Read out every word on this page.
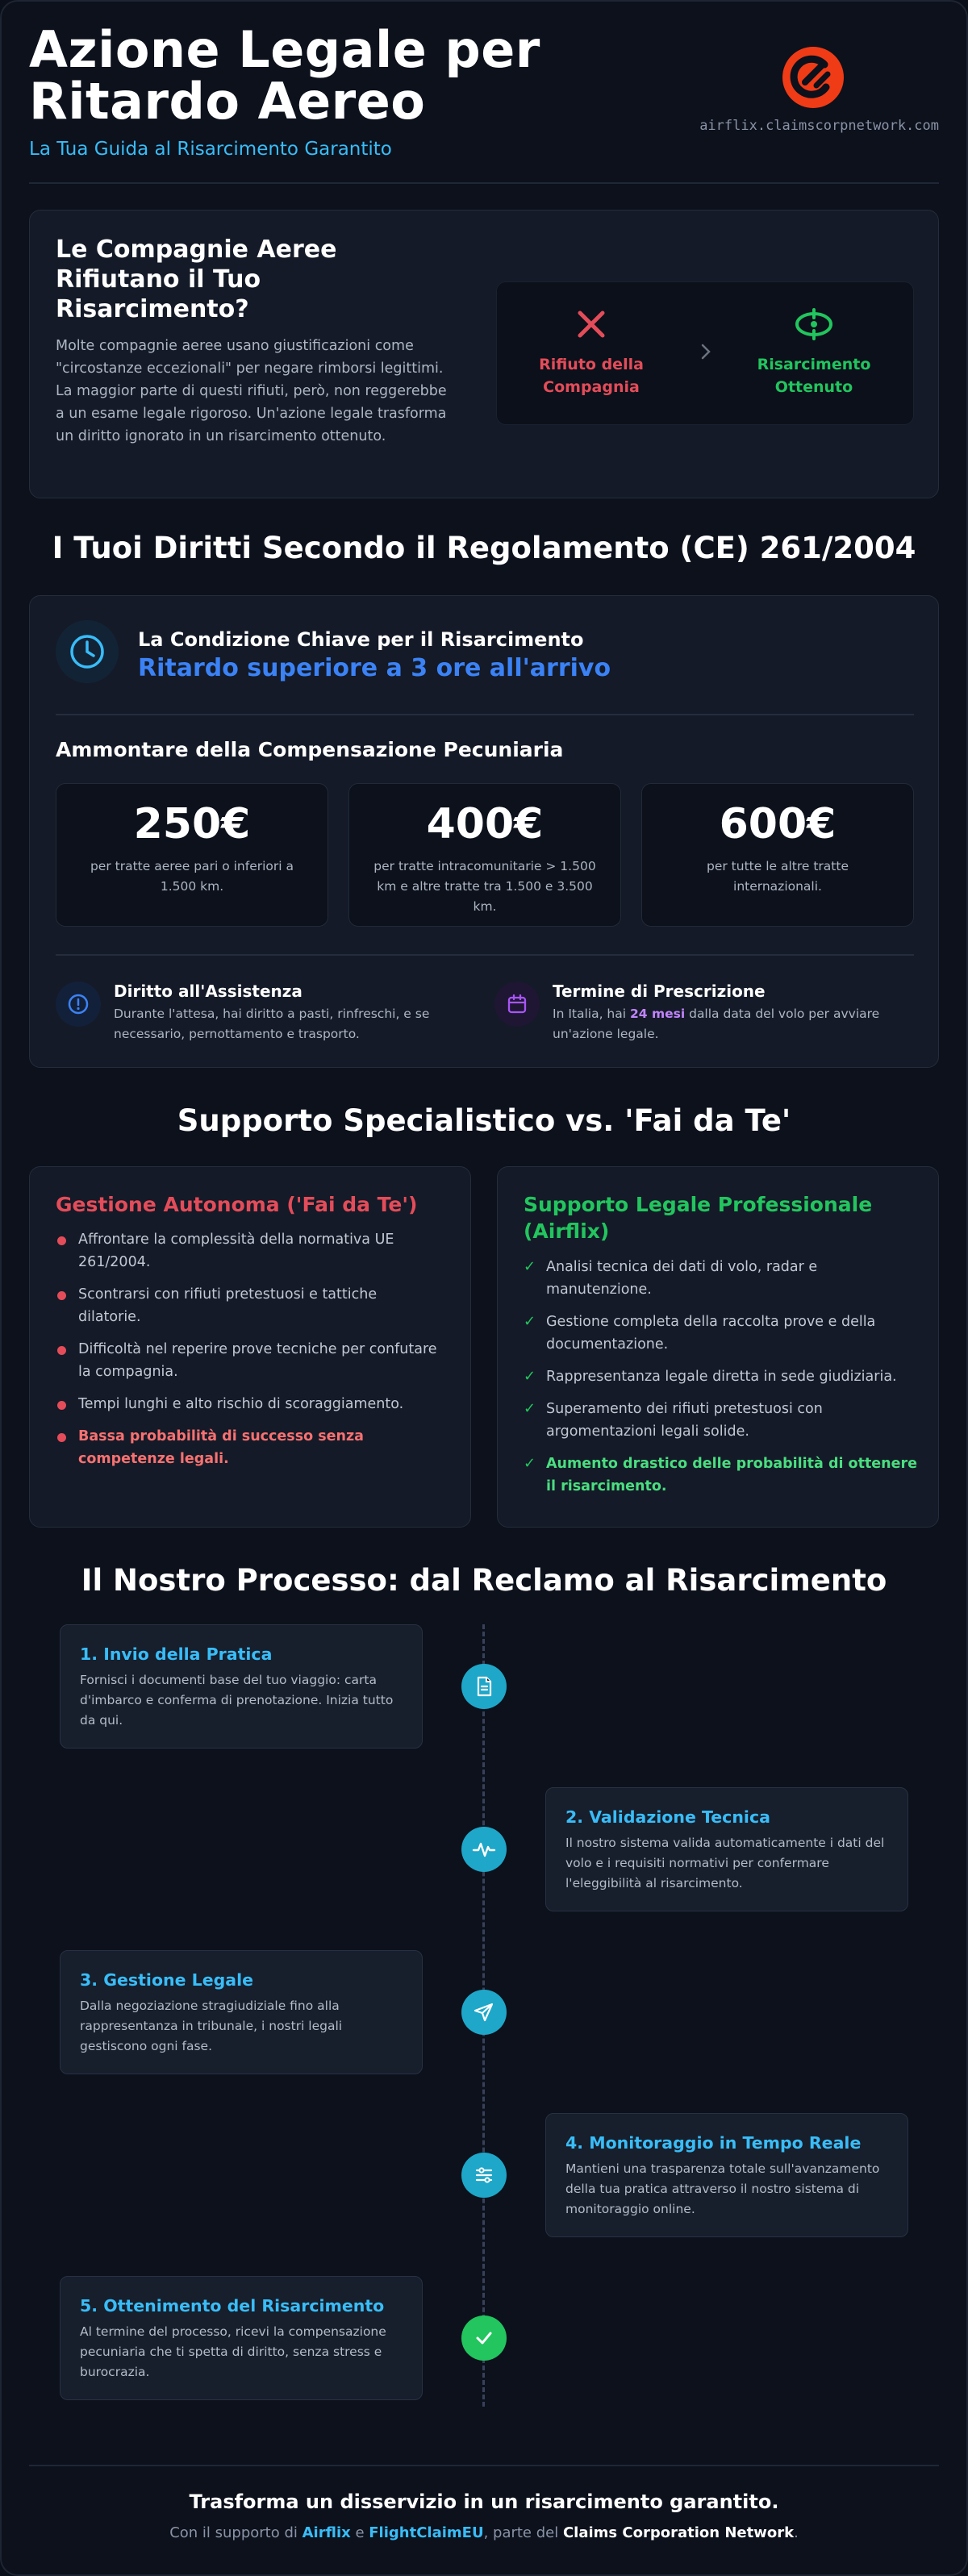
Azione Legale per
Ritardo Aereo
La Tua Guida al Risarcimento Garantito
airflix.claimscorpnetwork.com
Le Compagnie Aeree Rifiutano il Tuo Risarcimento?
Molte compagnie aeree usano giustificazioni come "circostanze eccezionali" per negare rimborsi legittimi. La maggior parte di questi rifiuti, però, non reggerebbe a un esame legale rigoroso. Un'azione legale trasforma un diritto ignorato in un risarcimento ottenuto.
Rifiuto della Compagnia
Risarcimento Ottenuto
I Tuoi Diritti Secondo il Regolamento (CE) 261/2004
La Condizione Chiave per il Risarcimento
Ritardo superiore a 3 ore all'arrivo
Ammontare della Compensazione Pecuniaria
250€
per tratte aeree pari o inferiori a 1.500 km.
400€
per tratte intracomunitarie > 1.500 km e altre tratte tra 1.500 e 3.500 km.
600€
per tutte le altre tratte internazionali.
Diritto all'Assistenza
Durante l'attesa, hai diritto a pasti, rinfreschi, e se necessario, pernottamento e trasporto.
Termine di Prescrizione
In Italia, hai 24 mesi dalla data del volo per avviare un'azione legale.
Supporto Specialistico vs. 'Fai da Te'
Gestione Autonoma ('Fai da Te')
Affrontare la complessità della normativa UE 261/2004.
Scontrarsi con rifiuti pretestuosi e tattiche dilatorie.
Difficoltà nel reperire prove tecniche per confutare la compagnia.
Tempi lunghi e alto rischio di scoraggiamento.
Bassa probabilità di successo senza competenze legali.
Supporto Legale Professionale (Airflix)
✓ Analisi tecnica dei dati di volo, radar e manutenzione.
✓ Gestione completa della raccolta prove e della documentazione.
✓ Rappresentanza legale diretta in sede giudiziaria.
✓ Superamento dei rifiuti pretestuosi con argomentazioni legali solide.
✓ Aumento drastico delle probabilità di ottenere il risarcimento.
Il Nostro Processo: dal Reclamo al Risarcimento
1. Invio della Pratica
Fornisci i documenti base del tuo viaggio: carta d'imbarco e conferma di prenotazione. Inizia tutto da qui.
2. Validazione Tecnica
Il nostro sistema valida automaticamente i dati del volo e i requisiti normativi per confermare l'eleggibilità al risarcimento.
3. Gestione Legale
Dalla negoziazione stragiudiziale fino alla rappresentanza in tribunale, i nostri legali gestiscono ogni fase.
4. Monitoraggio in Tempo Reale
Mantieni una trasparenza totale sull'avanzamento della tua pratica attraverso il nostro sistema di monitoraggio online.
5. Ottenimento del Risarcimento
Al termine del processo, ricevi la compensazione pecuniaria che ti spetta di diritto, senza stress e burocrazia.
Trasforma un disservizio in un risarcimento garantito.
Con il supporto di Airflix e FlightClaimEU, parte del Claims Corporation Network.
